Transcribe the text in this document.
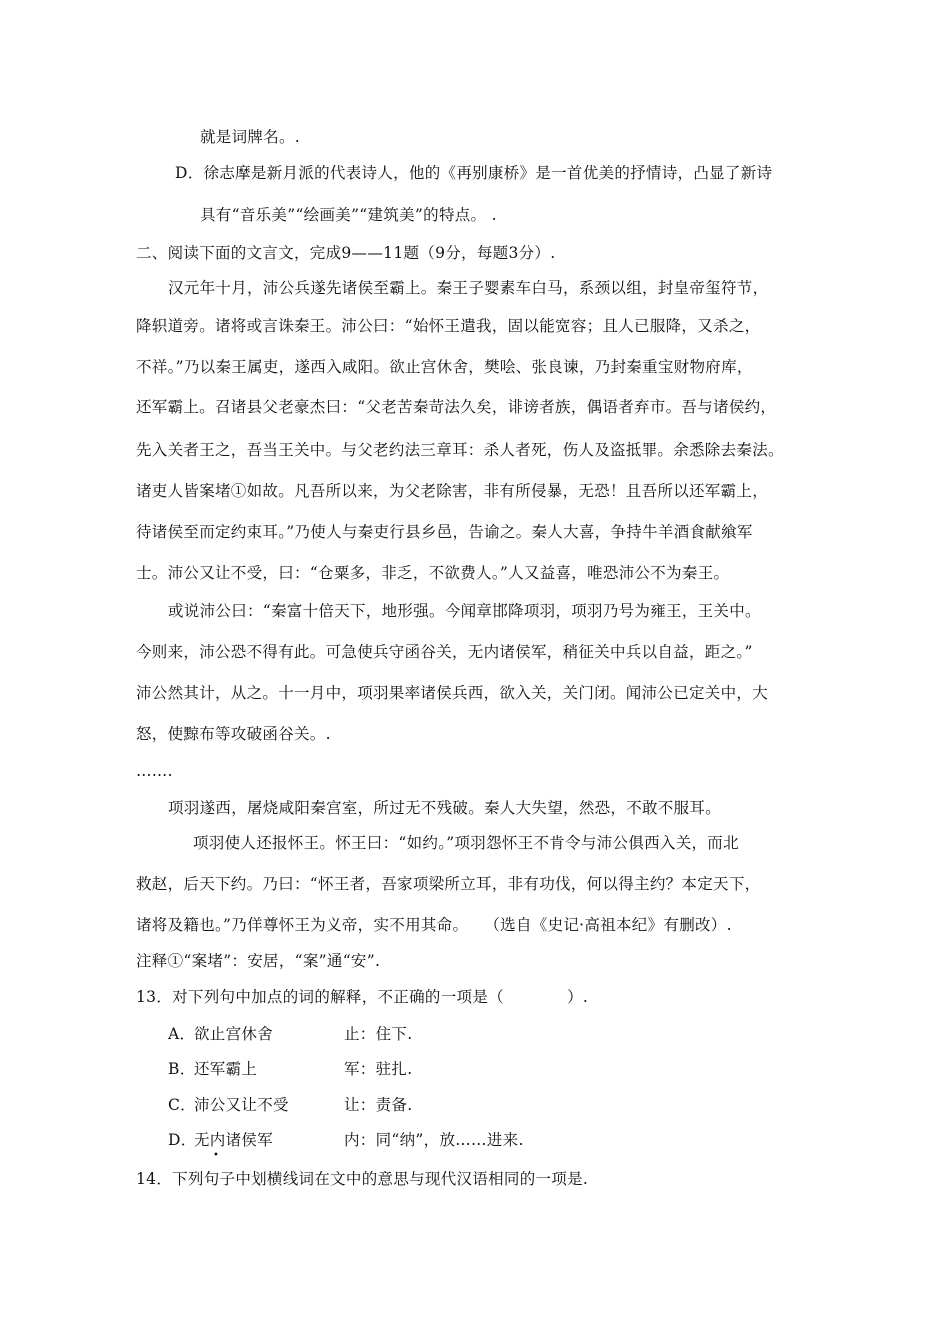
就是词牌名。.
D．徐志摩是新月派的代表诗人，他的《再别康桥》是一首优美的抒情诗，凸显了新诗
具有“音乐美”“绘画美”“建筑美”的特点。 .
二、阅读下面的文言文，完成9——11题（9分，每题3分）.
汉元年十月，沛公兵遂先诸侯至霸上。秦王子婴素车白马，系颈以组，封皇帝玺符节，
降轵道旁。诸将或言诛秦王。沛公曰：“始怀王遣我，固以能宽容；且人已服降，又杀之，
不祥。”乃以秦王属吏，遂西入咸阳。欲止宫休舍，樊哙、张良谏，乃封秦重宝财物府库，
还军霸上。召诸县父老豪杰曰：“父老苦秦苛法久矣，诽谤者族，偶语者弃市。吾与诸侯约，
先入关者王之，吾当王关中。与父老约法三章耳：杀人者死，伤人及盗抵罪。余悉除去秦法。
诸吏人皆案堵①如故。凡吾所以来，为父老除害，非有所侵暴，无恐！且吾所以还军霸上，
待诸侯至而定约束耳。”乃使人与秦吏行县乡邑，告谕之。秦人大喜，争持牛羊酒食献飨军
士。沛公又让不受，曰：“仓粟多，非乏，不欲费人。”人又益喜，唯恐沛公不为秦王。
或说沛公曰：“秦富十倍天下，地形强。今闻章邯降项羽，项羽乃号为雍王，王关中。
今则来，沛公恐不得有此。可急使兵守函谷关，无内诸侯军，稍征关中兵以自益，距之。”
沛公然其计，从之。十一月中，项羽果率诸侯兵西，欲入关，关门闭。闻沛公已定关中，大
怒，使黥布等攻破函谷关。.
…….
项羽遂西，屠烧咸阳秦宫室，所过无不残破。秦人大失望，然恐，不敢不服耳。
项羽使人还报怀王。怀王曰：“如约。”项羽怨怀王不肯令与沛公俱西入关，而北
救赵，后天下约。乃曰：“怀王者，吾家项梁所立耳，非有功伐，何以得主约？本定天下，
诸将及籍也。”乃佯尊怀王为义帝，实不用其命。　　（选自《史记·高祖本纪》有删改）.
注释①“案堵”：安居，“案”通“安”.
13．对下列句中加点的词的解释，不正确的一项是（　　　　）.
A．欲止宫休舍	止：住下.
B．还军霸上	军：驻扎.
C．沛公又让不受	让：责备.
D．无内诸侯军	内：同“纳”，放……进来.
•
14．下列句子中划横线词在文中的意思与现代汉语相同的一项是.
